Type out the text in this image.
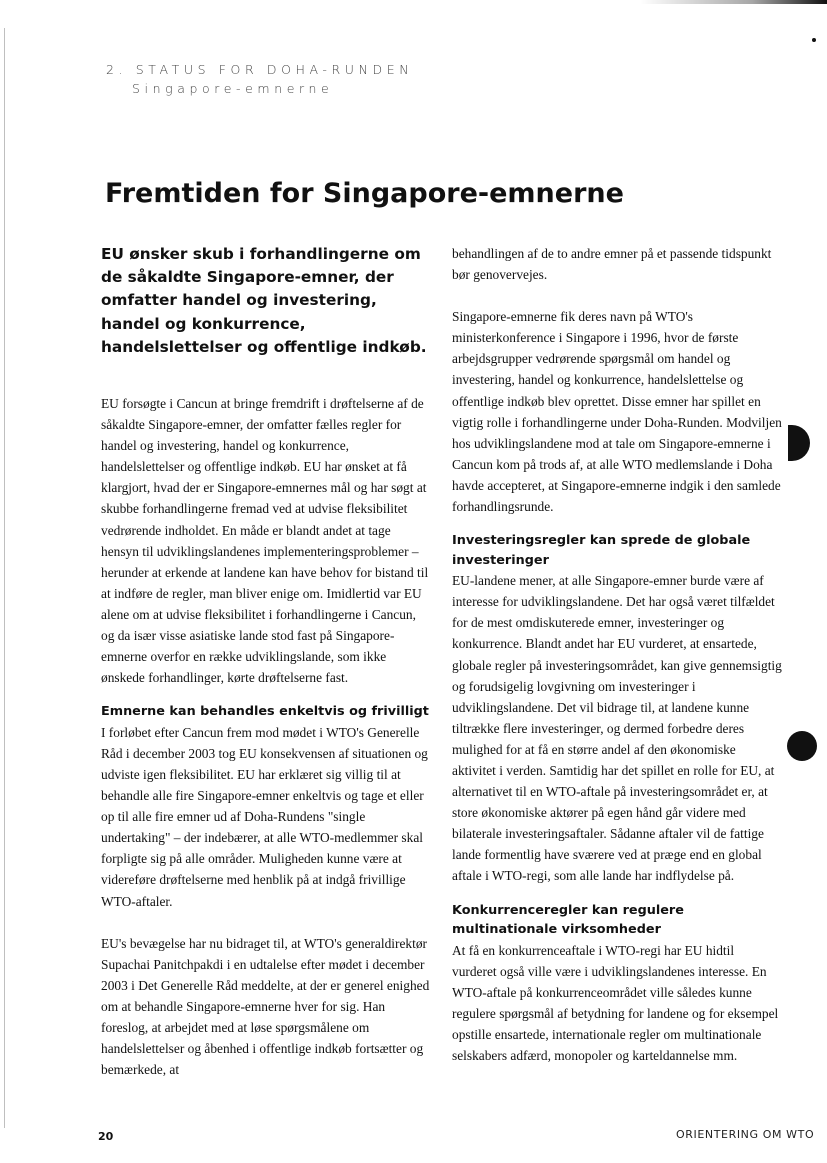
2. STATUS FOR DOHA-RUNDEN
Singapore-emnerne
Fremtiden for Singapore-emnerne

EU ønsker skub i forhandlingerne om de såkaldte Singapore-emner, der omfatter handel og investering, handel og konkurrence, handelslettelser og offentlige indkøb.

EU forsøgte i Cancun at bringe fremdrift i drøftelserne af de såkaldte Singapore-emner, der omfatter fælles regler for handel og investering, handel og konkurrence, handelslettelser og offentlige indkøb. EU har ønsket at få klargjort, hvad der er Singapore-emnernes mål og har søgt at skubbe forhandlingerne fremad ved at udvise fleksibilitet vedrørende indholdet. En måde er blandt andet at tage hensyn til udviklingslandenes implementeringsproblemer – herunder at erkende at landene kan have behov for bistand til at indføre de regler, man bliver enige om. Imidlertid var EU alene om at udvise fleksibilitet i forhandlingerne i Cancun, og da især visse asiatiske lande stod fast på Singapore-emnerne overfor en række udviklingslande, som ikke ønskede forhandlinger, kørte drøftelserne fast.

Emnerne kan behandles enkeltvis og frivilligt

I forløbet efter Cancun frem mod mødet i WTO's Generelle Råd i december 2003 tog EU konsekvensen af situationen og udviste igen fleksibilitet. EU har erklæret sig villig til at behandle alle fire Singapore-emner enkeltvis og tage et eller op til alle fire emner ud af Doha-Rundens "single undertaking" – der indebærer, at alle WTO-medlemmer skal forpligte sig på alle områder. Muligheden kunne være at videreføre drøftelserne med henblik på at indgå frivillige WTO-aftaler.

EU's bevægelse har nu bidraget til, at WTO's generaldirektør Supachai Panitchpakdi i en udtalelse efter mødet i december 2003 i Det Generelle Råd meddelte, at der er generel enighed om at behandle Singapore-emnerne hver for sig. Han foreslog, at arbejdet med at løse spørgsmålene om handelslettelser og åbenhed i offentlige indkøb fortsætter og bemærkede, at

behandlingen af de to andre emner på et passende tidspunkt bør genovervejes.

Singapore-emnerne fik deres navn på WTO's ministerkonference i Singapore i 1996, hvor de første arbejdsgrupper vedrørende spørgsmål om handel og investering, handel og konkurrence, handelslettelse og offentlige indkøb blev oprettet. Disse emner har spillet en vigtig rolle i forhandlingerne under Doha-Runden. Modviljen hos udviklingslandene mod at tale om Singapore-emnerne i Cancun kom på trods af, at alle WTO medlemslande i Doha havde accepteret, at Singapore-emnerne indgik i den samlede forhandlingsrunde.

Investeringsregler kan sprede de globale investeringer

EU-landene mener, at alle Singapore-emner burde være af interesse for udviklingslandene. Det har også været tilfældet for de mest omdiskuterede emner, investeringer og konkurrence. Blandt andet har EU vurderet, at ensartede, globale regler på investeringsområdet, kan give gennemsigtig og forudsigelig lovgivning om investeringer i udviklingslandene. Det vil bidrage til, at landene kunne tiltrække flere investeringer, og dermed forbedre deres mulighed for at få en større andel af den økonomiske aktivitet i verden. Samtidig har det spillet en rolle for EU, at alternativet til en WTO-aftale på investeringsområdet er, at store økonomiske aktører på egen hånd går videre med bilaterale investeringsaftaler. Sådanne aftaler vil de fattige lande formentlig have sværere ved at præge end en global aftale i WTO-regi, som alle lande har indflydelse på.

Konkurrenceregler kan regulere multinationale virksomheder

At få en konkurrenceaftale i WTO-regi har EU hidtil vurderet også ville være i udviklingslandenes interesse. En WTO-aftale på konkurrenceområdet ville således kunne regulere spørgsmål af betydning for landene og for eksempel opstille ensartede, internationale regler om multinationale selskabers adfærd, monopoler og karteldannelse mm.

20	ORIENTERING OM WTO
